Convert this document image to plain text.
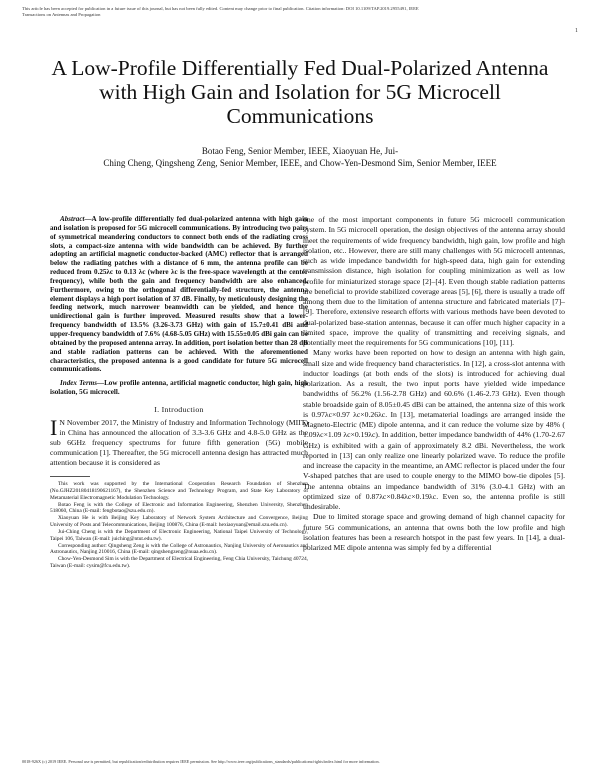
This article has been accepted for publication in a future issue of this journal, but has not been fully edited. Content may change prior to final publication. Citation information: DOI 10.1109/TAP.2019.2955491, IEEE
Transactions on Antennas and Propagation
1
A Low-Profile Differentially Fed Dual-Polarized Antenna with High Gain and Isolation for 5G Microcell Communications
Botao Feng, Senior Member, IEEE, Xiaoyuan He, Jui-
Ching Cheng, Qingsheng Zeng, Senior Member, IEEE, and Chow-Yen-Desmond Sim, Senior Member, IEEE

Abstract—A low-profile differentially fed dual-polarized antenna with high gain and isolation is proposed for 5G microcell communications. By introducing two pairs of symmetrical meandering conductors to connect both ends of the radiating cross slots, a compact-size antenna with wide bandwidth can be achieved. By further adopting an artificial magnetic conductor-backed (AMC) reflector that is arranged below the radiating patches with a distance of 6 mm, the antenna profile can be reduced from 0.25λc to 0.13 λc (where λc is the free-space wavelength at the center frequency), while both the gain and frequency bandwidth are also enhanced. Furthermore, owing to the orthogonal differentially-fed structure, the antenna element displays a high port isolation of 37 dB. Finally, by meticulously designing the feeding network, much narrower beamwidth can be yielded, and hence the unidirectional gain is further improved. Measured results show that a lower-frequency bandwidth of 13.5% (3.26-3.73 GHz) with gain of 15.7±0.41 dBi and upper-frequency bandwidth of 7.6% (4.68-5.05 GHz) with 15.55±0.05 dBi gain can be obtained by the proposed antenna array. In addition, port isolation better than 28 dB and stable radiation patterns can be achieved. With the aforementioned characteristics, the proposed antenna is a good candidate for future 5G microcell communications.

Index Terms—Low profile antenna, artificial magnetic conductor, high gain, high isolation, 5G microcell.

I. Introduction

I N November 2017, the Ministry of Industry and Information Technology (MIIT) in China has announced the allocation of 3.3-3.6 GHz and 4.8-5.0 GHz as the sub 6GHz frequency spectrums for future fifth generation (5G) mobile communication [1]. Thereafter, the 5G microcell antenna design has attracted much attention because it is considered as

This work was supported by the International Cooperation Research Foundation of Shenzhen (No.GJHZ20180418190621167), the Shenzhen Science and Technology Program, and State Key Laboratory of Metamaterial Electromagnetic Modulation Technology.

Botao Feng is with the College of Electronic and Information Engineering, Shenzhen University, Shenzhen 518060, China (E-mail: fengbotao@szu.edu.cn).

Xiaoyuan He is with Beijing Key Laboratory of Network System Architecture and Convergence, Beijing University of Posts and Telecommunications, Beijing 100876, China (E-mail: hexiaoyuan@email.szu.edu.cn).

Jui-Ching Cheng is with the Department of Electronic Engineering, National Taipei University of Technology, Taipei 106, Taiwan (E-mail: juiching@ntut.edu.tw).

Corresponding author: Qingsheng Zeng is with the College of Astronautics, Nanjing University of Aeronautics and Astronautics, Nanjing 210016, China (E-mail: qingshengzeng@nuaa.edu.cn).

Chow-Yen-Desmond Sim is with the Department of Electrical Engineering, Feng Chia University, Taichung 40724, Taiwan (E-mail: cysim@fcu.edu.tw).

one of the most important components in future 5G microcell communication system. In 5G microcell operation, the design objectives of the antenna array should meet the requirements of wide frequency bandwidth, high gain, low profile and high isolation, etc.. However, there are still many challenges with 5G microcell antennas, such as wide impedance bandwidth for high-speed data, high gain for extending transmission distance, high isolation for coupling minimization as well as low profile for miniaturized storage space [2]–[4]. Even though stable radiation patterns are beneficial to provide stabilized coverage areas [5], [6], there is usually a trade off among them due to the limitation of antenna structure and fabricated materials [7]–[9]. Therefore, extensive research efforts with various methods have been devoted to dual-polarized base-station antennas, because it can offer much higher capacity in a limited space, improve the quality of transmitting and receiving signals, and potentially meet the requirements for 5G communications [10], [11].

Many works have been reported on how to design an antenna with high gain, small size and wide frequency band characteristics. In [12], a cross-slot antenna with inductor loadings (at both ends of the slots) is introduced for achieving dual polarization. As a result, the two input ports have yielded wide impedance bandwidths of 56.2% (1.56-2.78 GHz) and 60.6% (1.46-2.73 GHz). Even though stable broadside gain of 8.05±0.45 dBi can be attained, the antenna size of this work is 0.97λc×0.97 λc×0.26λc. In [13], metamaterial loadings are arranged inside the Magneto-Electric (ME) dipole antenna, and it can reduce the volume size by 48% ( 1.09λc×1.09 λc×0.19λc). In addition, better impedance bandwidth of 44% (1.70-2.67 GHz) is exhibited with a gain of approximately 8.2 dBi. Nevertheless, the work reported in [13] can only realize one linearly polarized wave. To reduce the profile and increase the capacity in the meantime, an AMC reflector is placed under the four V-shaped patches that are used to couple energy to the MIMO bow-tie dipoles [5]. The antenna obtains an impedance bandwidth of 31% (3.0-4.1 GHz) with an optimized size of 0.87λc×0.84λc×0.19λc. Even so, the antenna profile is still undesirable.

Due to limited storage space and growing demand of high channel capacity for future 5G communications, an antenna that owns both the low profile and high isolation features has been a research hotspot in the past few years. In [14], a dual-polarized ME dipole antenna was simply fed by a differential

0018-926X (c) 2019 IEEE. Personal use is permitted, but republication/redistribution requires IEEE permission. See http://www.ieee.org/publications_standards/publications/rights/index.html for more information.
